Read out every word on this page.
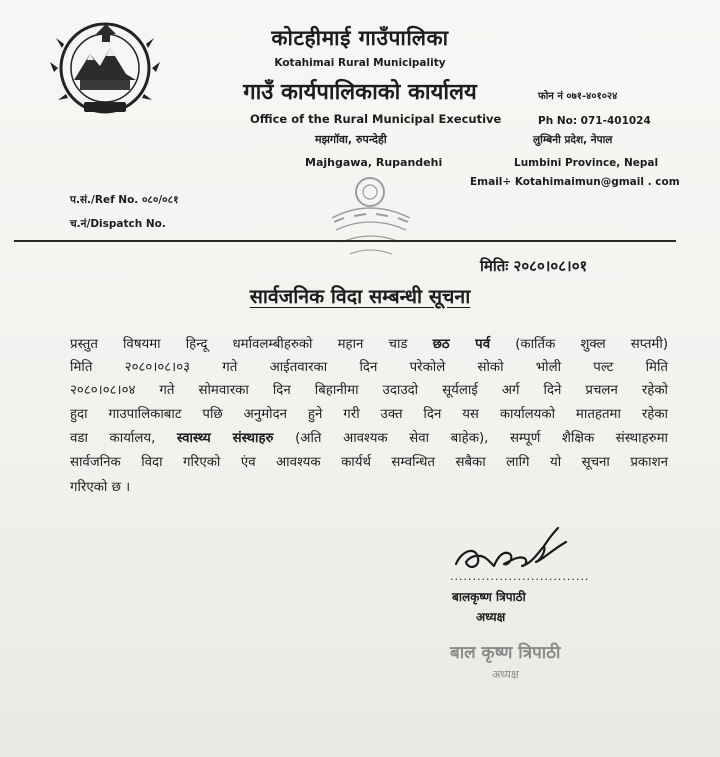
कोटहीमाई गाउँपालिका
Kotahimai Rural Municipality
गाउँ कार्यपालिकाको कार्यालय
Office of the Rural Municipal Executive
मझगॉवा, रुपन्देही
Majhgawa, Rupandehi
फोन नं ०७१-४०१०२४
Ph No: 071-401024
लुम्बिनी प्रदेश, नेपाल
Lumbini Province, Nepal
Email÷ Kotahimaimun@gmail . com
प.सं./Ref No. ०८०/०८१
च.नं/Dispatch No.
मितिः २०८०।०८।०१
सार्वजनिक विदा सम्बन्धी सूचना
प्रस्तुत विषयमा हिन्दू धर्मावलम्बीहरुको महान चाड छठ पर्व (कार्तिक शुक्ल सप्तमी)
मिति २०८०।०८।०३ गते आईतवारका दिन परेकोले सोको भोली पल्ट मिति
२०८०।०८।०४ गते सोमवारका दिन बिहानीमा उदाउदो सूर्यलाई अर्ग दिने प्रचलन रहेको
हुदा गाउपालिकाबाट पछि अनुमोदन हुने गरी उक्त दिन यस कार्यालयको मातहतमा रहेका
वडा कार्यालय, स्वास्थ्य संस्थाहरु (अति आवश्यक सेवा बाहेक), सम्पूर्ण शैक्षिक संस्थाहरुमा
सार्वजनिक विदा गरिएको एंव आवश्यक कार्यर्थ सम्वन्धित सबैका लागि यो सूचना प्रकाशन
गरिएको छ ।
...............................
बालकृष्ण त्रिपाठी
अध्यक्ष
बाल कृष्ण त्रिपाठी
अध्यक्ष
